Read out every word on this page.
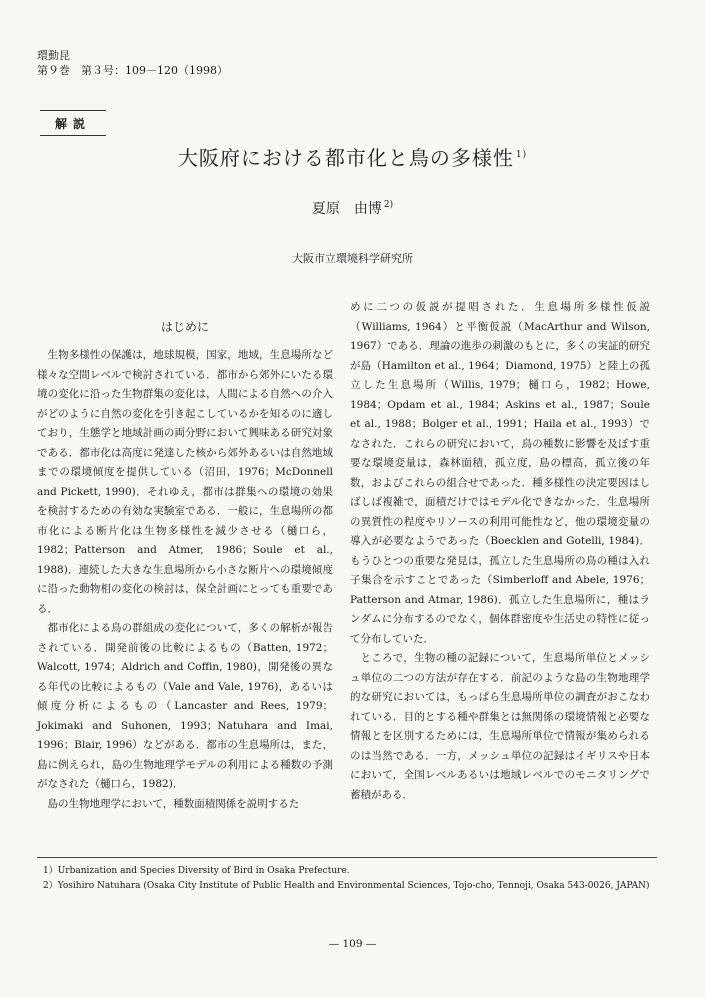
環動昆
第９巻　第３号：109－120（1998）
解説
大阪府における都市化と鳥の多様性 $^{1)}$
夏原　由博 $^{2)}$
大阪市立環境科学研究所
はじめに

生物多様性の保護は，地球規模，国家，地域，生息場所など様々な空間レベルで検討されている．都市から郊外にいたる環境の変化に沿った生物群集の変化は，人間による自然への介入がどのように自然の変化を引き起こしているかを知るのに適しており，生態学と地域計画の両分野において興味ある研究対象である．都市化は高度に発達した核から郊外あるいは自然地域までの環境傾度を提供している（沼田，1976；McDonnell and Pickett, 1990)．それゆえ，都市は群集への環境の効果を検討するための有効な実験室である．一般に，生息場所の都市化による断片化は生物多様性を減少させる（樋口ら，1982；Patterson and Atmer, 1986；Soule et al., 1988)．連続した大きな生息場所から小さな断片への環境傾度に沿った動物相の変化の検討は，保全計画にとっても重要である．

都市化による鳥の群組成の変化について，多くの解析が報告されている．開発前後の比較によるもの（Batten, 1972；Walcott, 1974；Aldrich and Coffin, 1980)，開発後の異なる年代の比較によるもの（Vale and Vale, 1976)，あるいは傾度分析によるもの（Lancaster and Rees, 1979；Jokimaki and Suhonen, 1993；Natuhara and Imai, 1996；Blair, 1996）などがある．都市の生息場所は，また，島に例えられ，島の生物地理学モデルの利用による種数の予測がなされた（樋口ら，1982)．

島の生物地理学において，種数面積関係を説明するた

めに二つの仮説が提唱された．生息場所多様性仮説（Williams, 1964）と平衡仮説（MacArthur and Wilson, 1967）である．理論の進歩の刺激のもとに，多くの実証的研究が島（Hamilton et al., 1964；Diamond, 1975）と陸上の孤立した生息場所（Willis, 1979；樋口ら，1982；Howe, 1984；Opdam et al., 1984；Askins et al., 1987；Soule et al., 1988；Bolger et al., 1991；Haila et al., 1993）でなされた．これらの研究において，鳥の種数に影響を及ぼす重要な環境変量は，森林面積，孤立度，島の標高，孤立後の年数，およびこれらの組合せであった．種多様性の決定要因はしばしば複雑で，面積だけではモデル化できなかった．生息場所の異質性の程度やリソースの利用可能性など，他の環境変量の導入が必要なようであった（Boecklen and Gotelli, 1984)．もうひとつの重要な発見は，孤立した生息場所の鳥の種は入れ子集合を示すことであった（Simberloff and Abele, 1976；Patterson and Atmar, 1986)．孤立した生息場所に，種はランダムに分布するのでなく，個体群密度や生活史の特性に従って分布していた．

ところで，生物の種の記録について，生息場所単位とメッシュ単位の二つの方法が存在する．前記のような島の生物地理学的な研究においては，もっぱら生息場所単位の調査がおこなわれている．目的とする種や群集とは無関係の環境情報と必要な情報とを区別するためには，生息場所単位で情報が集められるのは当然である．一方，メッシュ単位の記録はイギリスや日本において，全国レベルあるいは地域レベルでのモニタリングで蓄積がある．

1）Urbanization and Species Diversity of Bird in Osaka Prefecture.
2）Yosihiro Natuhara (Osaka City Institute of Public Health and Environmental Sciences, Tojo-cho, Tennoji, Osaka 543-0026, JAPAN)
— 109 —
